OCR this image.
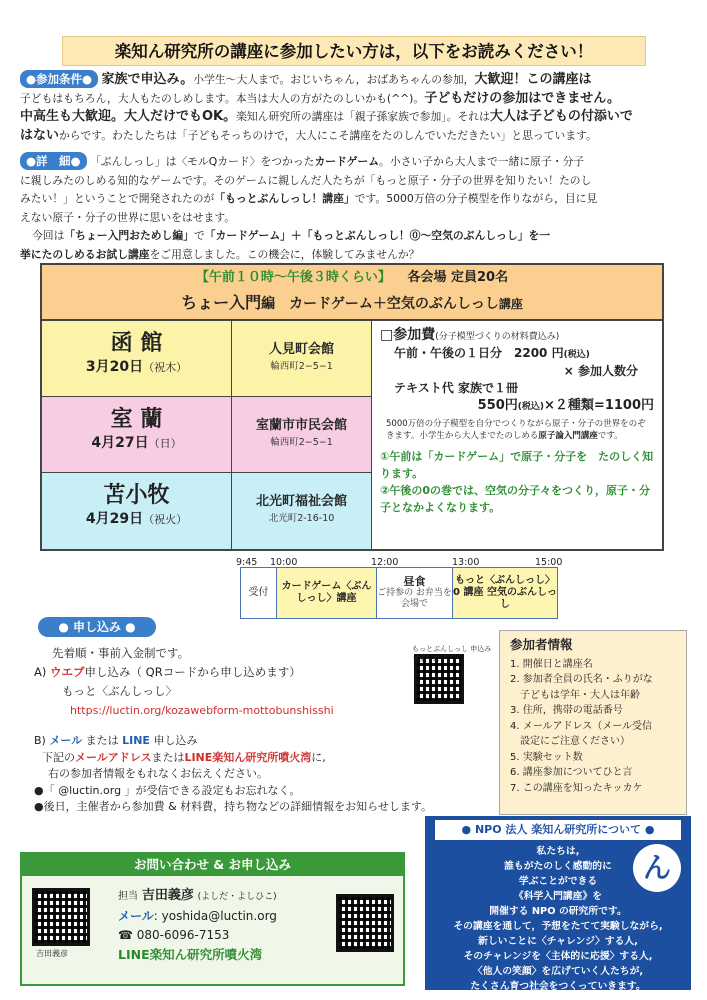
楽知ん研究所の講座に参加したい方は，以下をお読みください！
●参加条件● 家族で申込み。小学生〜大人まで。おじいちゃん，おばあちゃんの参加，大歓迎！この講座は
子どもはもちろん，大人もたのしめします。本当は大人の方がたのしいかも(^^)。子どもだけの参加はできません。
中高生も大歓迎。大人だけでもOK。楽知ん研究所の講座は「親子孫家族で参加」。それは大人は子どもの付添いで
はないからです。わたしたちは「子どもそっちのけで，大人にこそ講座をたのしんでいただきたい」と思っています。
●詳　細● 「ぶんしっし」は〈モルQカード〉をつかったカードゲーム。小さい子から大人まで一緒に原子・分子
に親しみたのしめる知的なゲームです。そのゲームに親しんだ人たちが「もっと原子・分子の世界を知りたい！たのし
みたい！」ということで開発されたのが「もっとぶんしっし！講座」です。5000万倍の分子模型を作りながら，目に見
えない原子・分子の世界に思いをはせます。
今回は「ちょー入門おためし編」で「カードゲーム」＋「もっとぶんしっし！⓪〜空気のぶんしっし」を一
挙にたのしめるお試し講座をご用意しました。この機会に，体験してみませんか？
【午前１０時〜午後３時くらい】 各会場 定員20名
ちょー入門編　カードゲーム＋空気のぶんしっし講座
函 館
3月20日（祝木）
人見町会館
輪西町2−5−1
室 蘭
4月27日（日）
室蘭市市民会館
輪西町2−5−1
苫小牧
4月29日（祝火）
北光町福祉会館
北光町2-16-10
□参加費(分子模型づくりの材料費込み)
午前・午後の１日分　2200 円(税込)
× 参加人数分
テキスト代 家族で１冊
550円(税込)×２種類=1100円
5000万倍の分子模型を自分でつくりながら原子・分子の世界をのぞきます。小学生から大人までたのしめる原子論入門講座です。
①午前は「カードゲーム」で原子・分子を　たのしく知ります。
②午後の0の巻では、空気の分子々をつくり，原子・分子となかよくなります。
9:45 10:00	12:00	13:00	15:00
受付
カードゲーム〈ぶんしっし〉講座
昼食
ご持参の お弁当を 会場で
もっと〈ぶんしっし〉0 講座 空気のぶんしっし
● 申し込み ●
先着順・事前入金制です。
A) ウエブ申し込み（ QRコードから申し込めます）
もっと〈ぶんしっし〉
https://luctin.org/kozawebform-mottobunshisshi
もっとぶんしっし 申込みフォーム
B) メール または LINE 申し込み
下記のメールアドレスまたはLINE楽知ん研究所噴火湾に,
右の参加者情報をもれなくお伝えください。
●「 @luctin.org 」が受信できる設定もお忘れなく。
●後日，主催者から参加費 & 材料費，持ち物などの詳細情報をお知らせします。
参加者情報
1. 開催日と講座名
2. 参加者全員の氏名・ふりがな
　子どもは学年・大人は年齢
3. 住所，携帯の電話番号
4. メールアドレス（メール受信
　設定にご注意ください）
5. 実験セット数
6. 講座参加についてひと言
7. この講座を知ったキッカケ
お問い合わせ & お申し込み
吉田義彦
担当 吉田義彦 (よしだ・よしひこ)
メール: yoshida@luctin.org
☎ 080-6096-7153
LINE楽知ん研究所噴火湾
● NPO 法人 楽知ん研究所について ●
私たちは,
誰もがたのしく感動的に
学ぶことができる
《科学入門講座》を
開催する NPO の研究所です。
その講座を通して，予想をたてて実験しながら,
新しいことに〈チャレンジ〉する人,
そのチャレンジを〈主体的に応援〉する人,
〈他人の笑顔〉を広げていく人たちが,
たくさん育つ社会をつくっていきます。
ん
